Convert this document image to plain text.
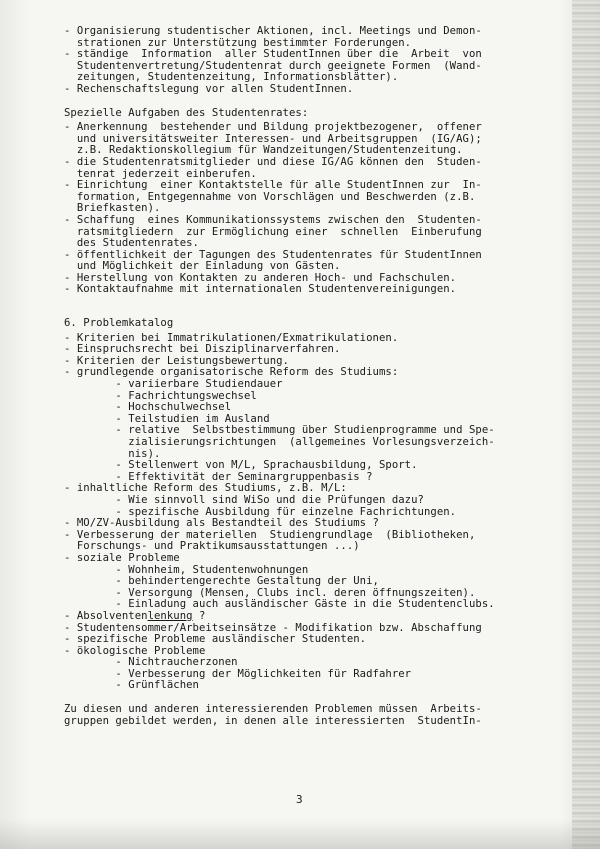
- Organisierung studentischer Aktionen, incl. Meetings und Demon-
strationen zur Unterstützung bestimmter Forderungen.
- ständige  Information  aller StudentInnen über die  Arbeit  von
Studentenvertretung/Studentenrat durch geeignete Formen  (Wand-
zeitungen, Studentenzeitung, Informationsblätter).
- Rechenschaftslegung vor allen StudentInnen.
Spezielle Aufgaben des Studentenrates:
- Anerkennung  bestehender und Bildung projektbezogener,  offener
und universitätsweiter Interessen- und Arbeitsgruppen  (IG/AG);
z.B. Redaktionskollegium für Wandzeitungen/Studentenzeitung.
- die Studentenratsmitglieder und diese IG/AG können den  Studen-
tenrat jederzeit einberufen.
- Einrichtung  einer Kontaktstelle für alle StudentInnen zur  In-
formation, Entgegennahme von Vorschlägen und Beschwerden (z.B.
Briefkasten).
- Schaffung  eines Kommunikationssystems zwischen den  Studenten-
ratsmitgliedern  zur Ermöglichung einer  schnellen  Einberufung
des Studentenrates.
- öffentlichkeit der Tagungen des Studentenrates für StudentInnen
und Möglichkeit der Einladung von Gästen.
- Herstellung von Kontakten zu anderen Hoch- und Fachschulen.
- Kontaktaufnahme mit internationalen Studentenvereinigungen.
6. Problemkatalog
- Kriterien bei Immatrikulationen/Exmatrikulationen.
- Einspruchsrecht bei Disziplinarverfahren.
- Kriterien der Leistungsbewertung.
- grundlegende organisatorische Reform des Studiums:
- variierbare Studiendauer
- Fachrichtungswechsel
- Hochschulwechsel
- Teilstudien im Ausland
- relative  Selbstbestimmung über Studienprogramme und Spe-
zialisierungsrichtungen  (allgemeines Vorlesungsverzeich-
nis).
- Stellenwert von M/L, Sprachausbildung, Sport.
- Effektivität der Seminargruppenbasis ?
- inhaltliche Reform des Studiums, z.B. M/L:
- Wie sinnvoll sind WiSo und die Prüfungen dazu?
- spezifische Ausbildung für einzelne Fachrichtungen.
- MO/ZV-Ausbildung als Bestandteil des Studiums ?
- Verbesserung der materiellen  Studiengrundlage  (Bibliotheken,
Forschungs- und Praktikumsausstattungen ...)
- soziale Probleme
- Wohnheim, Studentenwohnungen
- behindertengerechte Gestaltung der Uni,
- Versorgung (Mensen, Clubs incl. deren öffnungszeiten).
- Einladung auch ausländischer Gäste in die Studentenclubs.
- Absolventenlenkung ?
- Studentensommer/Arbeitseinsätze - Modifikation bzw. Abschaffung
- spezifische Probleme ausländischer Studenten.
- ökologische Probleme
- Nichtraucherzonen
- Verbesserung der Möglichkeiten für Radfahrer
- Grünflächen
Zu diesen und anderen interessierenden Problemen müssen  Arbeits-
gruppen gebildet werden, in denen alle interessierten  StudentIn-
3
